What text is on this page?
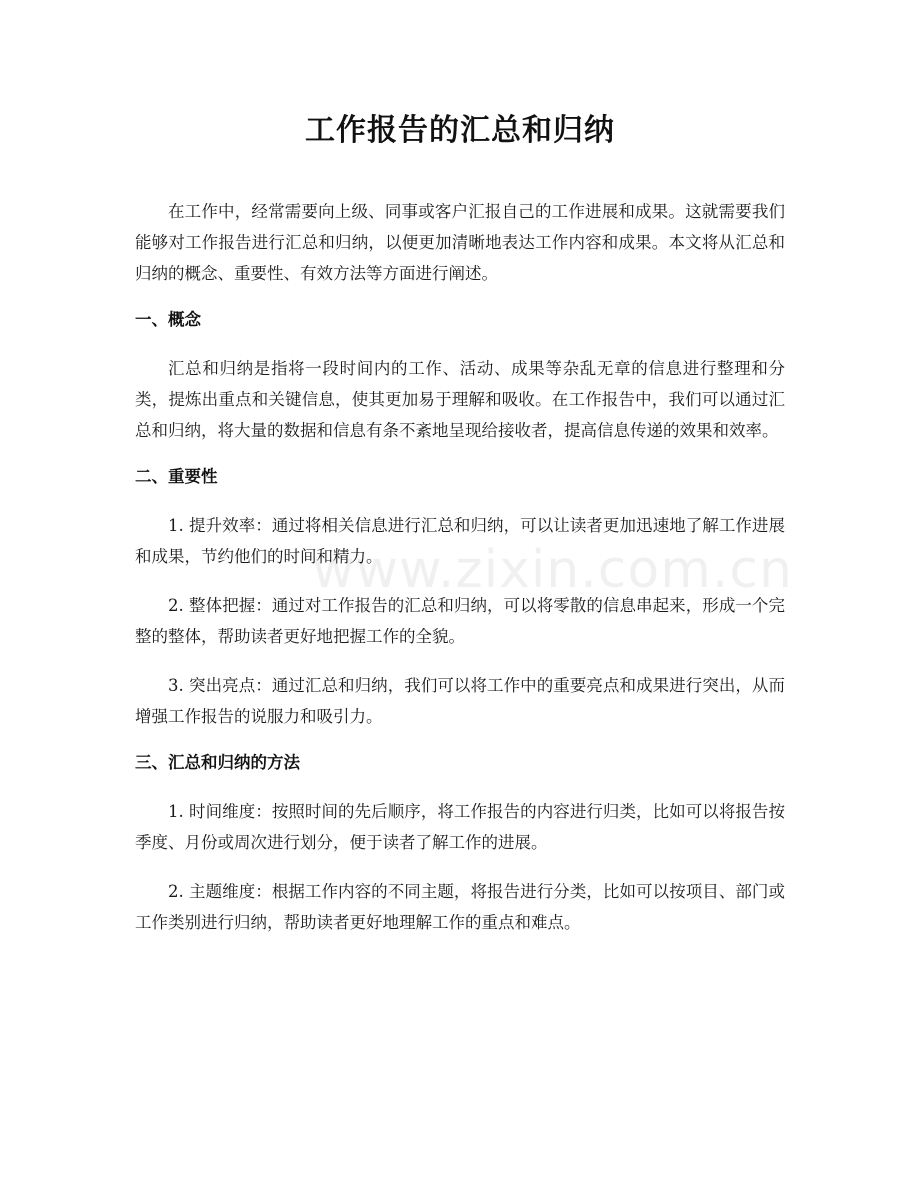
工作报告的汇总和归纳

在工作中，经常需要向上级、同事或客户汇报自己的工作进展和成果。这就需要我们能够对工作报告进行汇总和归纳，以便更加清晰地表达工作内容和成果。本文将从汇总和归纳的概念、重要性、有效方法等方面进行阐述。

一、概念

汇总和归纳是指将一段时间内的工作、活动、成果等杂乱无章的信息进行整理和分类，提炼出重点和关键信息，使其更加易于理解和吸收。在工作报告中，我们可以通过汇总和归纳，将大量的数据和信息有条不紊地呈现给接收者，提高信息传递的效果和效率。

二、重要性

1. 提升效率：通过将相关信息进行汇总和归纳，可以让读者更加迅速地了解工作进展和成果，节约他们的时间和精力。

2. 整体把握：通过对工作报告的汇总和归纳，可以将零散的信息串起来，形成一个完整的整体，帮助读者更好地把握工作的全貌。

3. 突出亮点：通过汇总和归纳，我们可以将工作中的重要亮点和成果进行突出，从而增强工作报告的说服力和吸引力。

三、汇总和归纳的方法

1. 时间维度：按照时间的先后顺序，将工作报告的内容进行归类，比如可以将报告按季度、月份或周次进行划分，便于读者了解工作的进展。

2. 主题维度：根据工作内容的不同主题，将报告进行分类，比如可以按项目、部门或工作类别进行归纳，帮助读者更好地理解工作的重点和难点。

www.zixin.com.cn
